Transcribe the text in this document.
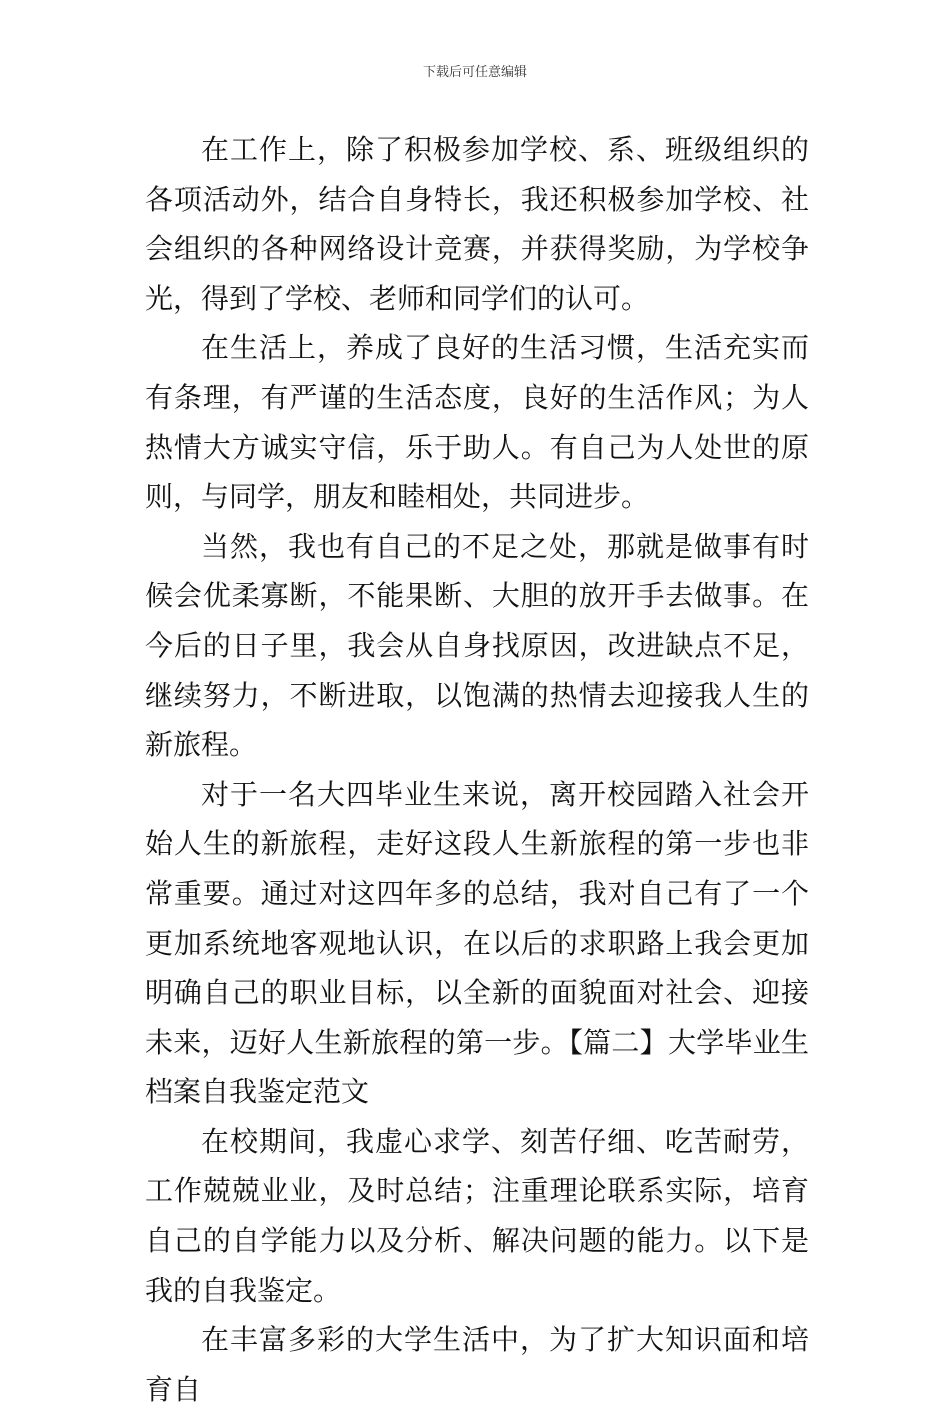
下载后可任意编辑

在工作上，除了积极参加学校、系、班级组织的各项活动外，结合自身特长，我还积极参加学校、社会组织的各种网络设计竞赛，并获得奖励，为学校争光，得到了学校、老师和同学们的认可。

在生活上，养成了良好的生活习惯，生活充实而有条理，有严谨的生活态度，良好的生活作风；为人热情大方诚实守信，乐于助人。有自己为人处世的原则，与同学，朋友和睦相处，共同进步。

当然，我也有自己的不足之处，那就是做事有时候会优柔寡断，不能果断、大胆的放开手去做事。在今后的日子里，我会从自身找原因，改进缺点不足，继续努力，不断进取，以饱满的热情去迎接我人生的新旅程。

对于一名大四毕业生来说，离开校园踏入社会开始人生的新旅程，走好这段人生新旅程的第一步也非常重要。通过对这四年多的总结，我对自己有了一个更加系统地客观地认识，在以后的求职路上我会更加明确自己的职业目标，以全新的面貌面对社会、迎接未来，迈好人生新旅程的第一步。【篇二】大学毕业生档案自我鉴定范文

在校期间，我虚心求学、刻苦仔细、吃苦耐劳，工作兢兢业业，及时总结；注重理论联系实际，培育自己的自学能力以及分析、解决问题的能力。以下是我的自我鉴定。

在丰富多彩的大学生活中，为了扩大知识面和培育自
